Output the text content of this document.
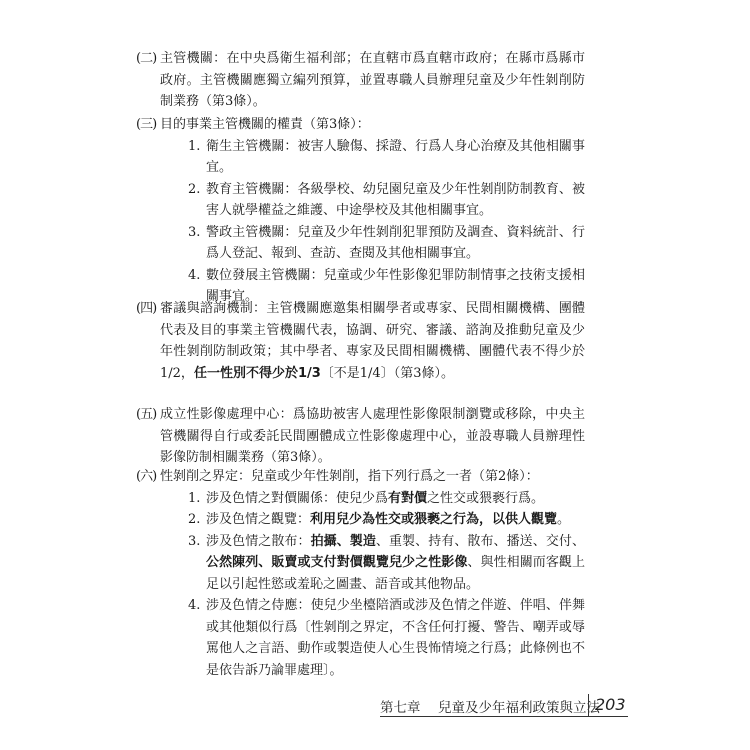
(二) 主管機關：在中央爲衛生福利部；在直轄市爲直轄市政府；在縣市爲縣市政府。主管機關應獨立編列預算，並置專職人員辦理兒童及少年性剝削防制業務（第3條）。

(三) 目的事業主管機關的權責（第3條）：

1. 衛生主管機關：被害人驗傷、採證、行爲人身心治療及其他相關事宜。

2. 教育主管機關：各級學校、幼兒園兒童及少年性剝削防制教育、被害人就學權益之維護、中途學校及其他相關事宜。

3. 警政主管機關：兒童及少年性剝削犯罪預防及調查、資料統計、行爲人登記、報到、查訪、查閱及其他相關事宜。

4. 數位發展主管機關：兒童或少年性影像犯罪防制情事之技術支援相關事宜。

(四) 審議與諮詢機制：主管機關應邀集相關學者或專家、民間相關機構、團體代表及目的事業主管機關代表，協調、研究、審議、諮詢及推動兒童及少年性剝削防制政策；其中學者、專家及民間相關機構、團體代表不得少於1/2，任一性別不得少於1/3〔不是1/4〕（第3條）。

(五) 成立性影像處理中心：爲協助被害人處理性影像限制瀏覽或移除，中央主管機關得自行或委託民間團體成立性影像處理中心，並設專職人員辦理性影像防制相關業務（第3條）。

(六) 性剝削之界定：兒童或少年性剝削，指下列行爲之一者（第2條）：

1. 涉及色情之對價關係：使兒少爲有對價之性交或猥褻行爲。

2. 涉及色情之觀覽：利用兒少為性交或猥褻之行為，以供人觀覽。

3. 涉及色情之散布：拍攝、製造、重製、持有、散布、播送、交付、公然陳列、販賣或支付對價觀覽兒少之性影像、與性相關而客觀上足以引起性慾或羞恥之圖畫、語音或其他物品。

4. 涉及色情之侍應：使兒少坐檯陪酒或涉及色情之伴遊、伴唱、伴舞或其他類似行爲〔性剝削之界定，不含任何打擾、警告、嘲弄或辱罵他人之言語、動作或製造使人心生畏怖情境之行爲；此條例也不是依告訴乃論罪處理〕。

第七章 兒童及少年福利政策與立法
203
